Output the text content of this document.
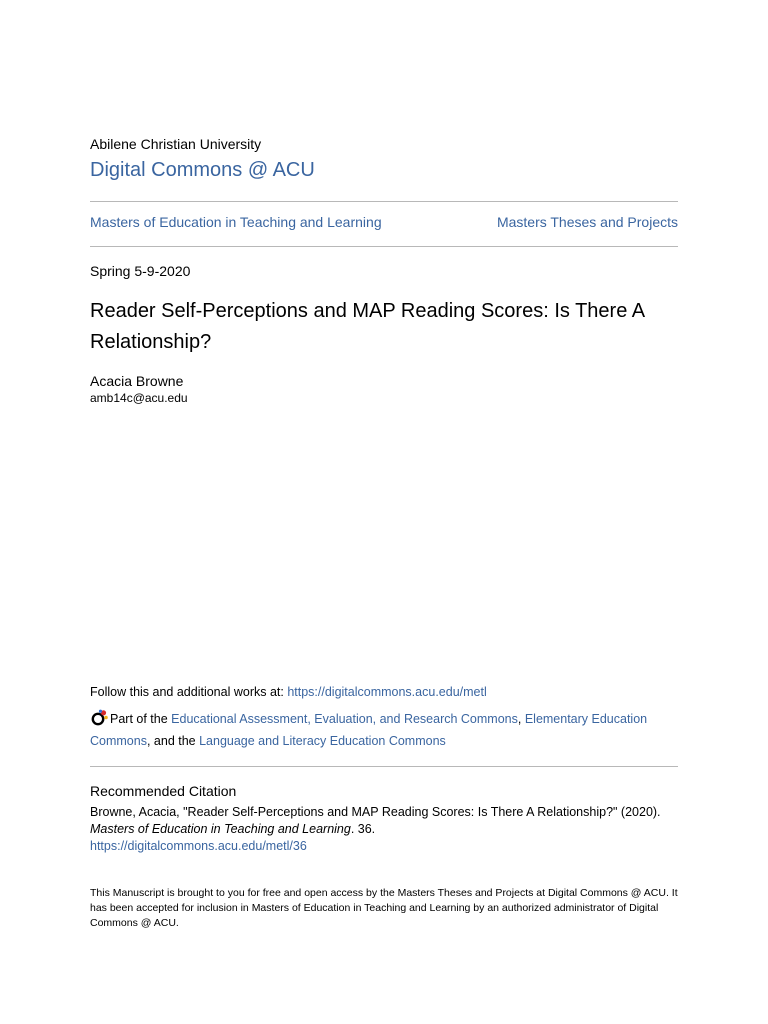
Abilene Christian University
Digital Commons @ ACU
Masters of Education in Teaching and Learning	Masters Theses and Projects
Spring 5-9-2020
Reader Self-Perceptions and MAP Reading Scores: Is There A Relationship?
Acacia Browne
amb14c@acu.edu
Follow this and additional works at: https://digitalcommons.acu.edu/metl
Part of the Educational Assessment, Evaluation, and Research Commons, Elementary Education Commons, and the Language and Literacy Education Commons
Recommended Citation
Browne, Acacia, "Reader Self-Perceptions and MAP Reading Scores: Is There A Relationship?" (2020).
Masters of Education in Teaching and Learning. 36.
https://digitalcommons.acu.edu/metl/36
This Manuscript is brought to you for free and open access by the Masters Theses and Projects at Digital Commons @ ACU. It has been accepted for inclusion in Masters of Education in Teaching and Learning by an authorized administrator of Digital Commons @ ACU.
